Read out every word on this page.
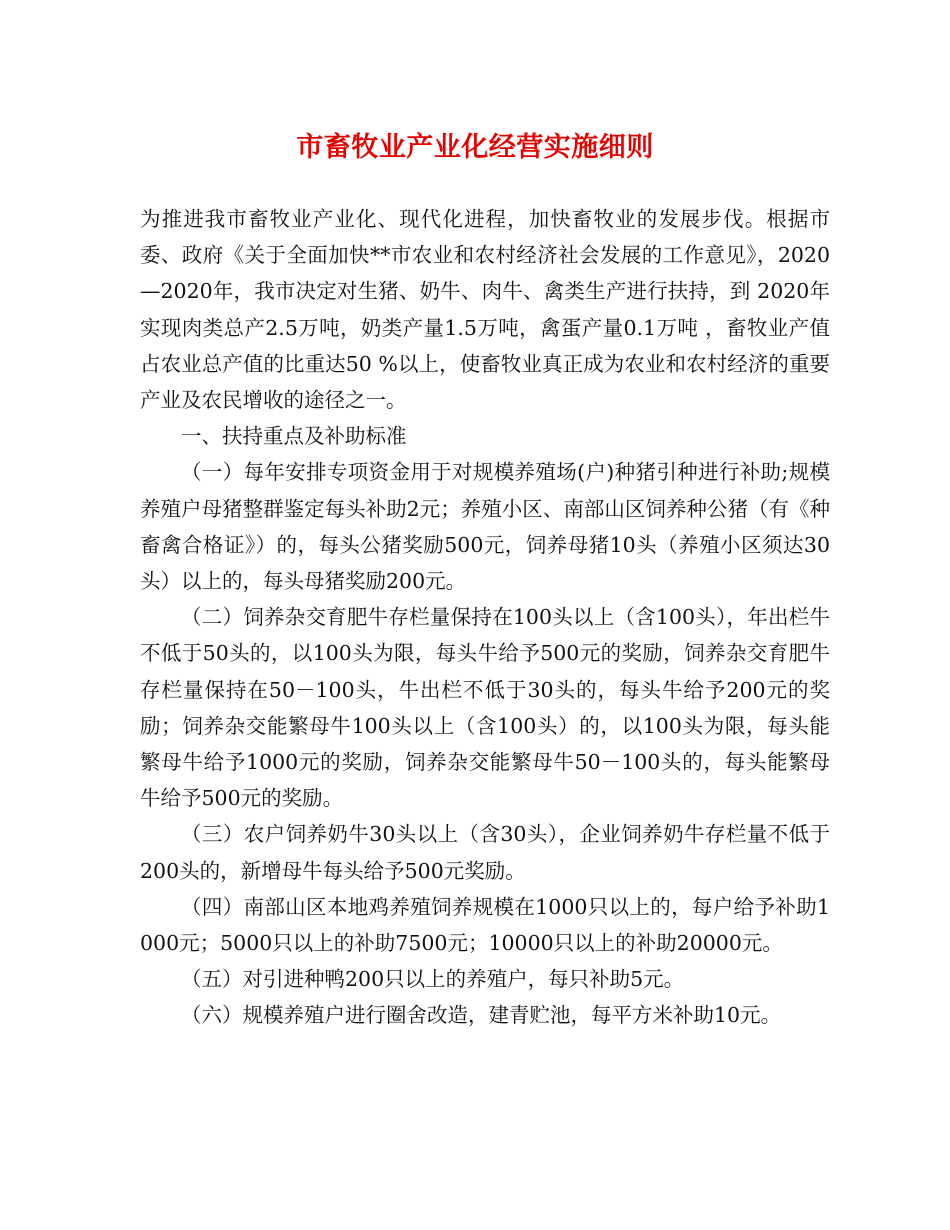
市畜牧业产业化经营实施细则

为推进我市畜牧业产业化、现代化进程，加快畜牧业的发展步伐。根据市委、政府《关于全面加快**市农业和农村经济社会发展的工作意见》，2020—2020年，我市决定对生猪、奶牛、肉牛、禽类生产进行扶持，到 2020年实现肉类总产2.5万吨，奶类产量1.5万吨，禽蛋产量0.1万吨 ，畜牧业产值占农业总产值的比重达50 %以上，使畜牧业真正成为农业和农村经济的重要产业及农民增收的途径之一。

一、扶持重点及补助标准

（一）每年安排专项资金用于对规模养殖场(户)种猪引种进行补助;规模养殖户母猪整群鉴定每头补助2元；养殖小区、南部山区饲养种公猪（有《种畜禽合格证》）的，每头公猪奖励500元，饲养母猪10头（养殖小区须达30头）以上的，每头母猪奖励200元。

（二）饲养杂交育肥牛存栏量保持在100头以上（含100头），年出栏牛不低于50头的，以100头为限，每头牛给予500元的奖励，饲养杂交育肥牛存栏量保持在50－100头，牛出栏不低于30头的，每头牛给予200元的奖励；饲养杂交能繁母牛100头以上（含100头）的，以100头为限，每头能繁母牛给予1000元的奖励，饲养杂交能繁母牛50－100头的，每头能繁母牛给予500元的奖励。

（三）农户饲养奶牛30头以上（含30头），企业饲养奶牛存栏量不低于200头的，新增母牛每头给予500元奖励。

（四）南部山区本地鸡养殖饲养规模在1000只以上的，每户给予补助1000元；5000只以上的补助7500元；10000只以上的补助20000元。

（五）对引进种鸭200只以上的养殖户，每只补助5元。

（六）规模养殖户进行圈舍改造，建青贮池，每平方米补助10元。
